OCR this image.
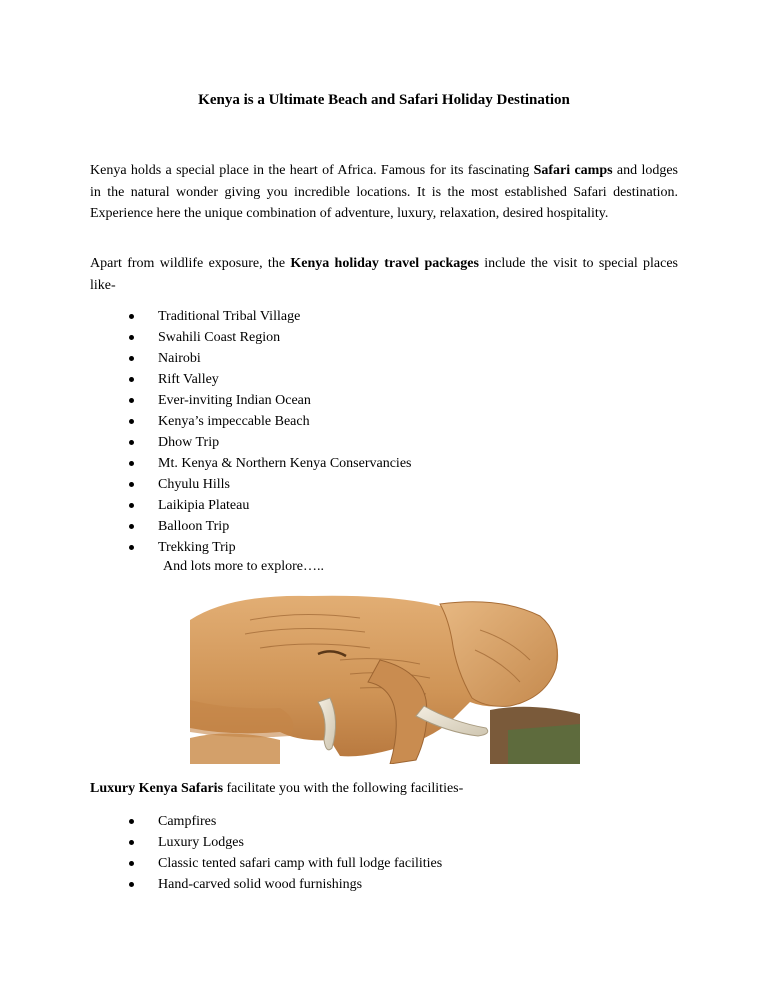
Kenya is a Ultimate Beach and Safari Holiday Destination

Kenya holds a special place in the heart of Africa. Famous for its fascinating Safari camps and lodges in the natural wonder giving you incredible locations. It is the most established Safari destination. Experience here the unique combination of adventure, luxury, relaxation, desired hospitality.

Apart from wildlife exposure, the Kenya holiday travel packages include the visit to special places like-

Traditional Tribal Village
Swahili Coast Region
Nairobi
Rift Valley
Ever-inviting Indian Ocean
Kenya’s impeccable Beach
Dhow Trip
Mt. Kenya & Northern Kenya Conservancies
Chyulu Hills
Laikipia Plateau
Balloon Trip
Trekking Trip
And lots more to explore…..

Luxury Kenya Safaris facilitate you with the following facilities-

Campfires
Luxury Lodges
Classic tented safari camp with full lodge facilities
Hand-carved solid wood furnishings
